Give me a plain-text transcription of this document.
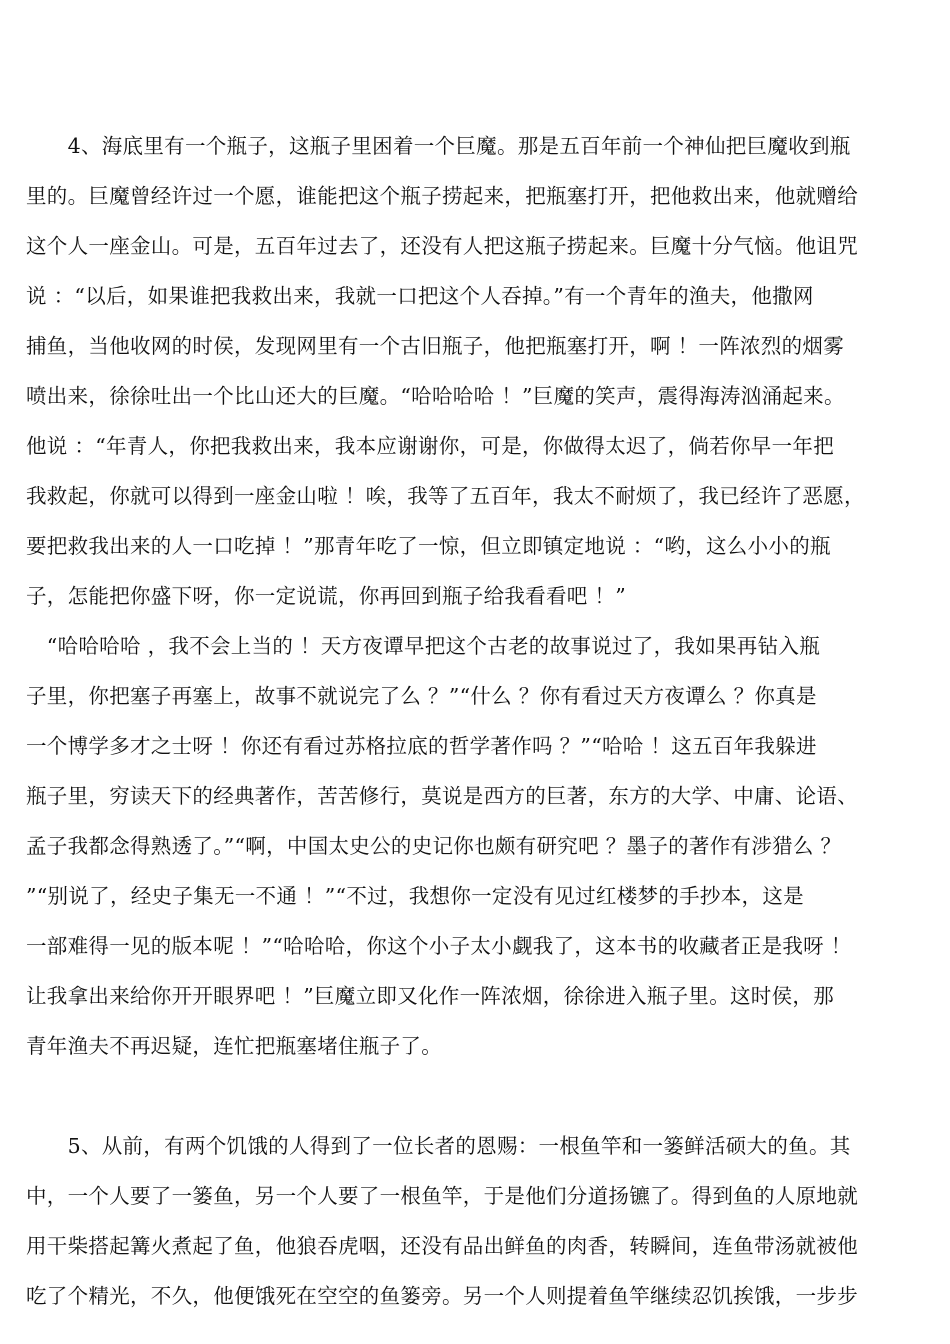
　　4、海底里有一个瓶子，这瓶子里困着一个巨魔。那是五百年前一个神仙把巨魔收到瓶
里的。巨魔曾经许过一个愿，谁能把这个瓶子捞起来，把瓶塞打开，把他救出来，他就赠给
这个人一座金山。可是，五百年过去了，还没有人把这瓶子捞起来。巨魔十分气恼。他诅咒
说 ：“以后，如果谁把我救出来，我就一口把这个人吞掉。”有一个青年的渔夫，他撒网
捕鱼，当他收网的时侯，发现网里有一个古旧瓶子，他把瓶塞打开，啊 ！一阵浓烈的烟雾
喷出来，徐徐吐出一个比山还大的巨魔。“哈哈哈哈 ！”巨魔的笑声，震得海涛汹涌起来。
他说 ：“年青人，你把我救出来，我本应谢谢你，可是，你做得太迟了，倘若你早一年把
我救起，你就可以得到一座金山啦 ！唉，我等了五百年，我太不耐烦了，我已经许了恶愿，
要把救我出来的人一口吃掉 ！”那青年吃了一惊，但立即镇定地说 ：“哟，这么小小的瓶
子，怎能把你盛下呀，你一定说谎，你再回到瓶子给我看看吧 ！”
　“哈哈哈哈 ，我不会上当的 ！天方夜谭早把这个古老的故事说过了，我如果再钻入瓶
子里，你把塞子再塞上，故事不就说完了么 ？”“什么 ？你有看过天方夜谭么 ？你真是
一个博学多才之士呀 ！你还有看过苏格拉底的哲学著作吗 ？”“哈哈 ！这五百年我躲进
瓶子里，穷读天下的经典著作，苦苦修行，莫说是西方的巨著，东方的大学、中庸、论语、
孟子我都念得熟透了。”“啊，中国太史公的史记你也颇有研究吧 ？墨子的著作有涉猎么 ？
”“别说了，经史子集无一不通 ！”“不过，我想你一定没有见过红楼梦的手抄本，这是
一部难得一见的版本呢 ！”“哈哈哈，你这个小子太小觑我了，这本书的收藏者正是我呀 ！
让我拿出来给你开开眼界吧 ！”巨魔立即又化作一阵浓烟，徐徐进入瓶子里。这时侯，那
青年渔夫不再迟疑，连忙把瓶塞堵住瓶子了。
　　5、从前，有两个饥饿的人得到了一位长者的恩赐：一根鱼竿和一篓鲜活硕大的鱼。其
中，一个人要了一篓鱼，另一个人要了一根鱼竿，于是他们分道扬镳了。得到鱼的人原地就
用干柴搭起篝火煮起了鱼，他狼吞虎咽，还没有品出鲜鱼的肉香，转瞬间，连鱼带汤就被他
吃了个精光，不久，他便饿死在空空的鱼篓旁。另一个人则提着鱼竿继续忍饥挨饿，一步步
